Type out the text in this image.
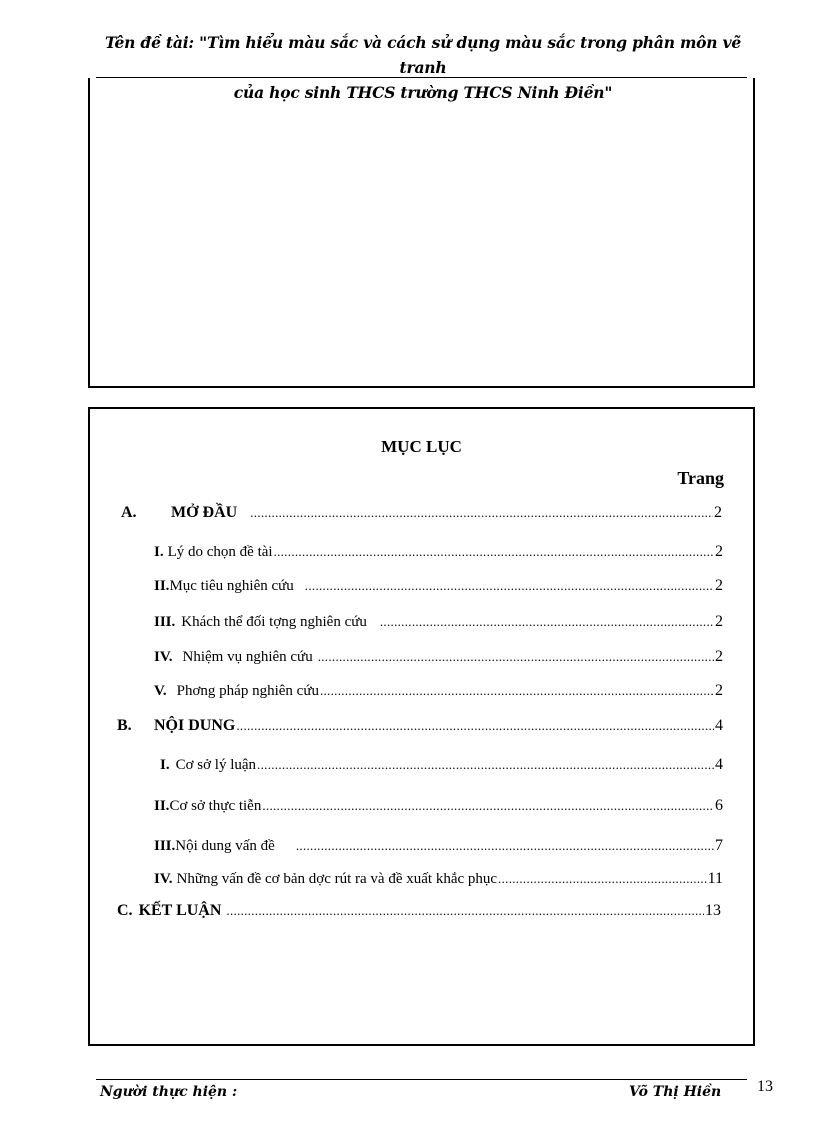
Tên đề tài: "Tìm hiểu màu sắc và cách sử dụng màu sắc trong phân môn vẽ tranh
của học sinh THCS trường THCS Ninh Điền"
MỤC LỤC
Trang
A.	MỞ ĐẦU .....	2
I. Lý do chọn đề tài .....	2
II. Mục tiêu nghiên cứu .....	2
III. Khách thể đối tợng nghiên cứu .....	2
IV. Nhiệm vụ nghiên cứu .....	2
V. Phơng pháp nghiên cứu .....	2
B.	NỘI DUNG .....	4
I. Cơ sở lý luận .....	4
II. Cơ sở thực tiễn .....	6
III. Nội dung vấn đề .....	7
IV. Những vấn đề cơ bản dợc rút ra và đề xuất khắc phục .....	11
C. KẾT LUẬN .....	13
Người thực hiện :	Võ Thị Hiền 13
